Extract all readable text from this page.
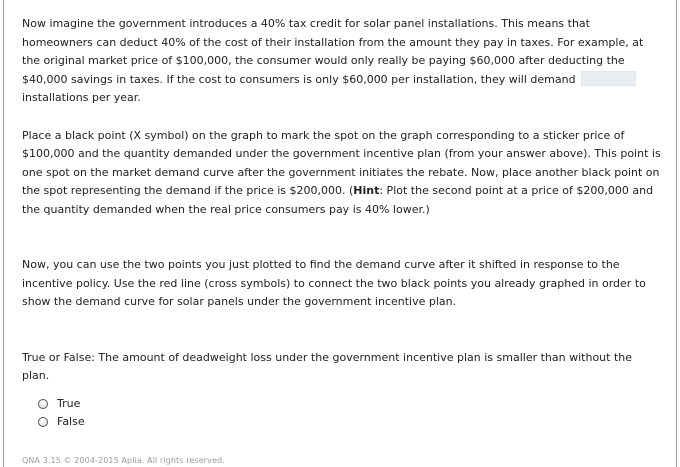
Now imagine the government introduces a 40% tax credit for solar panel installations. This means that homeowners can deduct 40% of the cost of their installation from the amount they pay in taxes. For example, at the original market price of $100,000, the consumer would only really be paying $60,000 after deducting the $40,000 savings in taxes. If the cost to consumers is only $60,000 per installation, they will demandinstallations per year.

Place a black point (X symbol) on the graph to mark the spot on the graph corresponding to a sticker price of $100,000 and the quantity demanded under the government incentive plan (from your answer above). This point is one spot on the market demand curve after the government initiates the rebate. Now, place another black point on the spot representing the demand if the price is $200,000. (Hint: Plot the second point at a price of $200,000 and the quantity demanded when the real price consumers pay is 40% lower.)

Now, you can use the two points you just plotted to find the demand curve after it shifted in response to the incentive policy. Use the red line (cross symbols) to connect the two black points you already graphed in order to show the demand curve for solar panels under the government incentive plan.

True or False: The amount of deadweight loss under the government incentive plan is smaller than without the plan.

True
False
QNA 3.15 © 2004-2015 Aplia. All rights reserved.
